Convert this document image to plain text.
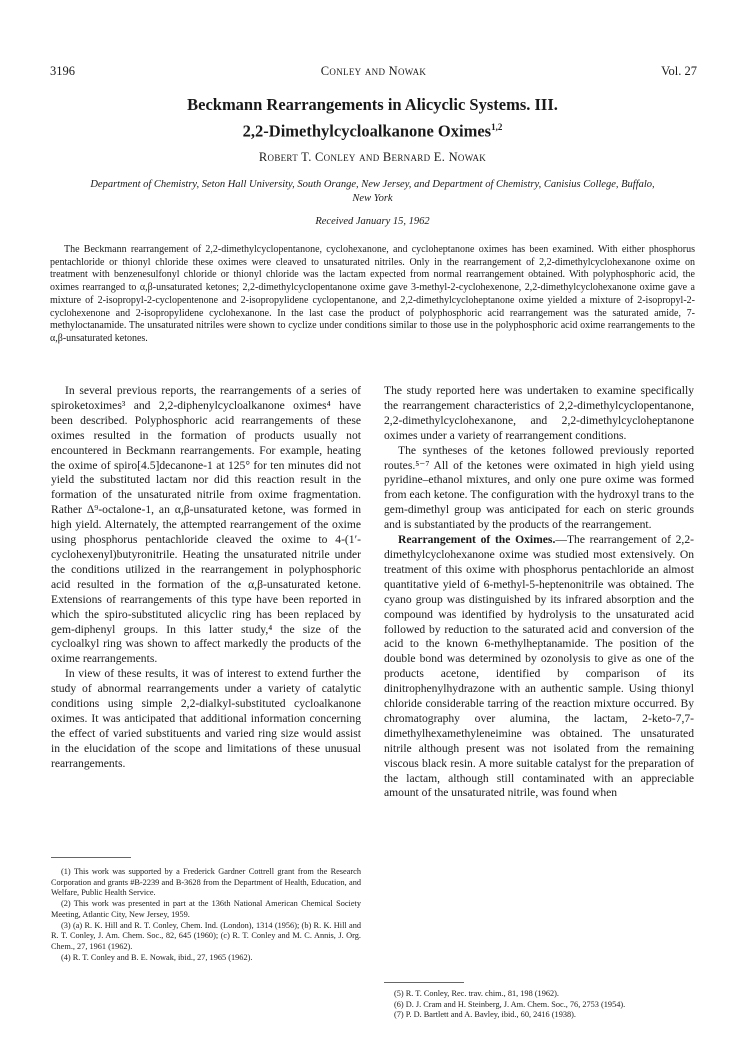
3196	Conley and Nowak	Vol. 27
Beckmann Rearrangements in Alicyclic Systems. III.
2,2-Dimethylcycloalkanone Oximes$^{1,2}$
Robert T. Conley and Bernard E. Nowak
Department of Chemistry, Seton Hall University, South Orange, New Jersey, and Department of Chemistry, Canisius College, Buffalo, New York
Received January 15, 1962

The Beckmann rearrangement of 2,2-dimethylcyclopentanone, cyclohexanone, and cycloheptanone oximes has been examined. With either phosphorus pentachloride or thionyl chloride these oximes were cleaved to unsaturated nitriles. Only in the rearrangement of 2,2-dimethylcyclohexanone oxime on treatment with benzenesulfonyl chloride or thionyl chloride was the lactam expected from normal rearrangement obtained. With polyphosphoric acid, the oximes rearranged to α,β-unsaturated ketones; 2,2-dimethylcyclopentanone oxime gave 3-methyl-2-cyclohexenone, 2,2-dimethylcyclohexanone oxime gave a mixture of 2-isopropyl-2-cyclopentenone and 2-isopropylidene cyclopentanone, and 2,2-dimethylcycloheptanone oxime yielded a mixture of 2-isopropyl-2-cyclohexenone and 2-isopropylidene cyclohexanone. In the last case the product of polyphosphoric acid rearrangement was the saturated amide, 7-methyloctanamide. The unsaturated nitriles were shown to cyclize under conditions similar to those use in the polyphosphoric acid oxime rearrangements to the α,β-unsaturated ketones.

In several previous reports, the rearrangements of a series of spiroketoximes³ and 2,2-diphenylcycloalkanone oximes⁴ have been described. Polyphosphoric acid rearrangements of these oximes resulted in the formation of products usually not encountered in Beckmann rearrangements. For example, heating the oxime of spiro[4.5]decanone-1 at 125° for ten minutes did not yield the substituted lactam nor did this reaction result in the formation of the unsaturated nitrile from oxime fragmentation. Rather Δ⁹-octalone-1, an α,β-unsaturated ketone, was formed in high yield. Alternately, the attempted rearrangement of the oxime using phosphorus pentachloride cleaved the oxime to 4-(1′-cyclohexenyl)butyronitrile. Heating the unsaturated nitrile under the conditions utilized in the rearrangement in polyphosphoric acid resulted in the formation of the α,β-unsaturated ketone. Extensions of rearrangements of this type have been reported in which the spiro-substituted alicyclic ring has been replaced by gem-diphenyl groups. In this latter study,⁴ the size of the cycloalkyl ring was shown to affect markedly the products of the oxime rearrangements.

In view of these results, it was of interest to extend further the study of abnormal rearrangements under a variety of catalytic conditions using simple 2,2-dialkyl-substituted cycloalkanone oximes. It was anticipated that additional information concerning the effect of varied substituents and varied ring size would assist in the elucidation of the scope and limitations of these unusual rearrangements.

(1) This work was supported by a Frederick Gardner Cottrell grant from the Research Corporation and grants #B-2239 and B-3628 from the Department of Health, Education, and Welfare, Public Health Service.

(2) This work was presented in part at the 136th National American Chemical Society Meeting, Atlantic City, New Jersey, 1959.

(3) (a) R. K. Hill and R. T. Conley, Chem. Ind. (London), 1314 (1956); (b) R. K. Hill and R. T. Conley, J. Am. Chem. Soc., 82, 645 (1960); (c) R. T. Conley and M. C. Annis, J. Org. Chem., 27, 1961 (1962).

(4) R. T. Conley and B. E. Nowak, ibid., 27, 1965 (1962).

The study reported here was undertaken to examine specifically the rearrangement characteristics of 2,2-dimethylcyclopentanone, 2,2-dimethylcyclohexanone, and 2,2-dimethylcycloheptanone oximes under a variety of rearrangement conditions.

The syntheses of the ketones followed previously reported routes.⁵⁻⁷ All of the ketones were oximated in high yield using pyridine–ethanol mixtures, and only one pure oxime was formed from each ketone. The configuration with the hydroxyl trans to the gem-dimethyl group was anticipated for each on steric grounds and is substantiated by the products of the rearrangement.

Rearrangement of the Oximes.—The rearrangement of 2,2-dimethylcyclohexanone oxime was studied most extensively. On treatment of this oxime with phosphorus pentachloride an almost quantitative yield of 6-methyl-5-heptenonitrile was obtained. The cyano group was distinguished by its infrared absorption and the compound was identified by hydrolysis to the unsaturated acid followed by reduction to the saturated acid and conversion of the acid to the known 6-methylheptanamide. The position of the double bond was determined by ozonolysis to give as one of the products acetone, identified by comparison of its dinitrophenylhydrazone with an authentic sample. Using thionyl chloride considerable tarring of the reaction mixture occurred. By chromatography over alumina, the lactam, 2-keto-7,7-dimethylhexamethyleneimine was obtained. The unsaturated nitrile although present was not isolated from the remaining viscous black resin. A more suitable catalyst for the preparation of the lactam, although still contaminated with an appreciable amount of the unsaturated nitrile, was found when

(5) R. T. Conley, Rec. trav. chim., 81, 198 (1962).

(6) D. J. Cram and H. Steinberg, J. Am. Chem. Soc., 76, 2753 (1954).

(7) P. D. Bartlett and A. Bavley, ibid., 60, 2416 (1938).
